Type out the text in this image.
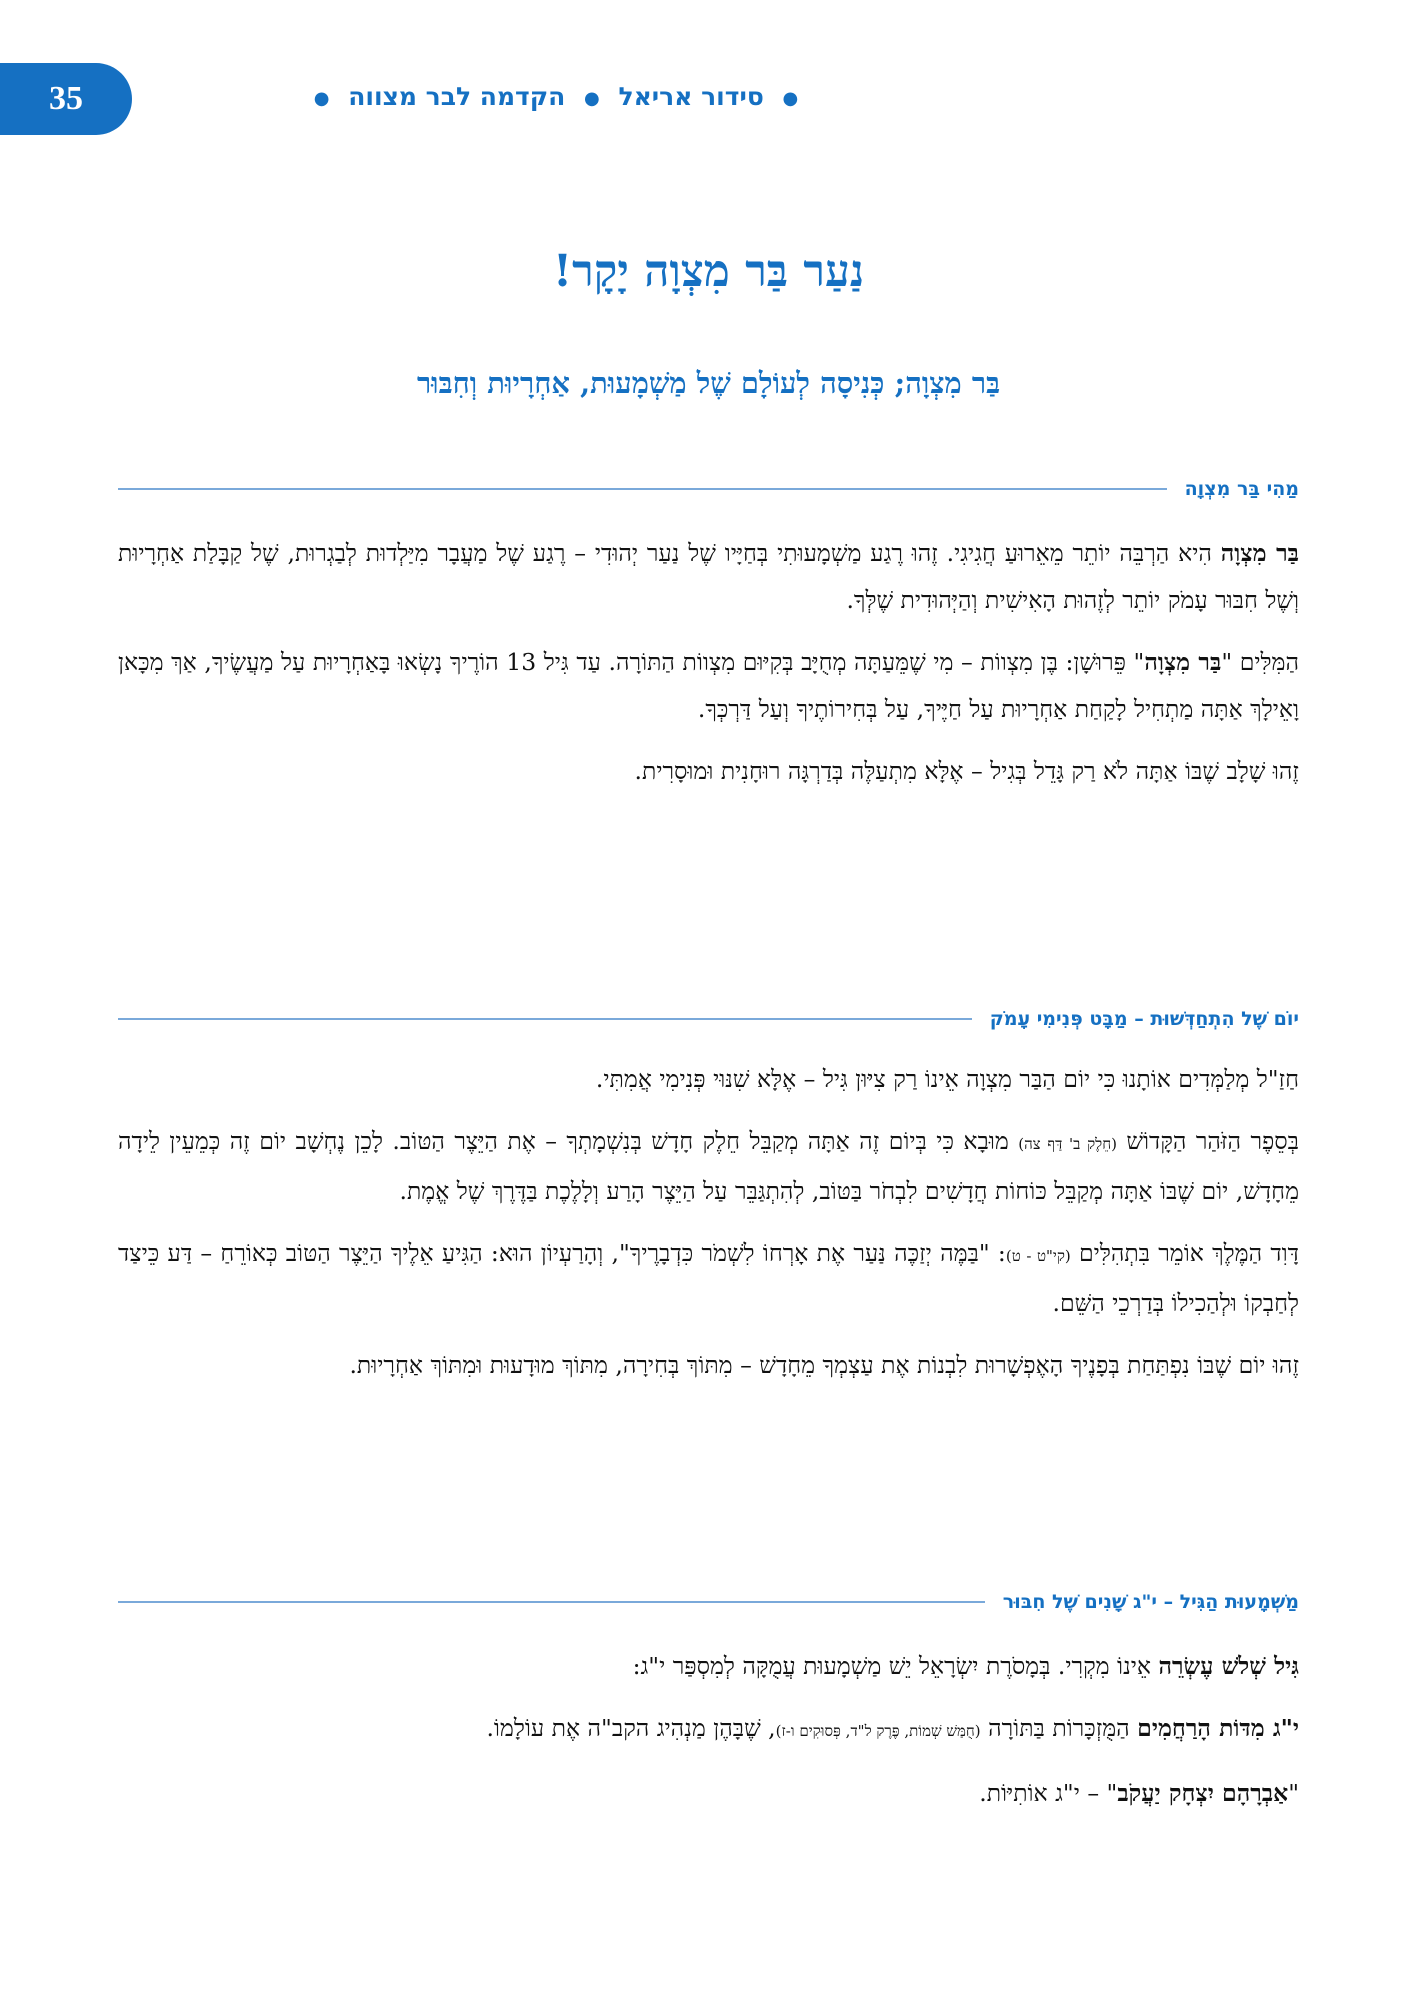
35	● סידור אריאל ● הקדמה לבר מצווה ●
נַעַר בַּר מִצְוָה יָקָר!
בַּר מִצְוָה; כְּנִיסָה לְעוֹלָם שֶׁל מַשְׁמָעוּת, אַחְרָיוּת וְחִבּוּר
מַהִי בַּר מִצְוָה

בַּר מִצְוָה הִיא הַרְבֵּה יוֹתֵר מֵאֵרוּעַ חֲגִיגִי. זֶהוּ רֶגַע מַשְׁמָעוּתִי בְּחַיָּיו שֶׁל נַעַר יְהוּדִי – רֶגַע שֶׁל מַעֲבָר מִיַּלְדוּת לְבַגְרוּת, שֶׁל קַבָּלַת אַחְרָיוּת וְשֶׁל חִבּוּר עָמֹק יוֹתֵר לְזֶהוּת הָאִישִׁית וְהַיְּהוּדִית שֶׁלְּךָ.

הַמִּלִּים "בַּר מִצְוָה" פֵּרוּשָׁן: בֶּן מִצְווֹת – מִי שֶׁמֵּעַתָּה מְחֻיָּב בְּקִיּוּם מִצְווֹת הַתּוֹרָה. עַד גִּיל 13 הוֹרֶיךָ נָשְׂאוּ בָּאַחְרָיוּת עַל מַעֲשֶׂיךָ, אַךְ מִכָּאן וָאֵילָךְ אַתָּה מַתְחִיל לָקַחַת אַחְרָיוּת עַל חַיֶּיךָ, עַל בְּחִירוֹתֶיךָ וְעַל דַּרְכְּךָ.

זֶהוּ שָׁלָב שֶׁבּוֹ אַתָּה לֹא רַק גָּדֵל בְּגִיל – אֶלָּא מִתְעַלֶּה בְּדַרְגָּה רוּחָנִית וּמוּסָרִית.

יוֹם שֶׁל הִתְחַדְּשׁוּת – מַבָּט פְּנִימִי עָמֹק

חַזַ"ל מְלַמְּדִים אוֹתָנוּ כִּי יוֹם הַבַּר מִצְוָה אֵינוֹ רַק צִיּוּן גִּיל – אֶלָּא שִׁנּוּי פְּנִימִי אֲמִתִּי.

בְּסֵפֶר הַזֹּהַר הַקָּדוֹשׁ (חֵלֶק ב' דַּף צה) מוּבָא כִּי בְּיוֹם זֶה אַתָּה מְקַבֵּל חֵלֶק חָדָשׁ בְּנִשְׁמָתְךָ – אֶת הַיֵּצֶר הַטּוֹב. לָכֵן נֶחְשָׁב יוֹם זֶה כְּמֵעֵין לֵידָה מֵחָדָשׁ, יוֹם שֶׁבּוֹ אַתָּה מְקַבֵּל כּוֹחוֹת חֲדָשִׁים לִבְחֹר בַּטּוֹב, לְהִתְגַּבֵּר עַל הַיֵּצֶר הָרַע וְלָלֶכֶת בַּדֶּרֶךְ שֶׁל אֱמֶת.

דָּוִד הַמֶּלֶךְ אוֹמֵר בִּתְהִלִּים (קי"ט - ט): "בַּמֶּה יְזַכֶּה נַּעַר אֶת אָרְחוֹ לִשְׁמֹר כִּדְבָרֶיךָ", וְהָרַעְיוֹן הוּא: הַגִּיעַ אֵלֶיךָ הַיֵּצֶר הַטּוֹב כְּאוֹרֵחַ – דַּע כֵּיצַד לְחַבְקוֹ וּלְהַכִילוֹ בְּדַרְכֵי הַשֵּׁם.

זֶהוּ יוֹם שֶׁבּוֹ נִפְתַּחַת בְּפָנֶיךָ הָאֶפְשָׁרוּת לִבְנוֹת אֶת עַצְמְךָ מֵחָדָשׁ – מִתּוֹךְ בְּחִירָה, מִתּוֹךְ מוּדָעוּת וּמִתּוֹךְ אַחְרָיוּת.

מַשְׁמָעוּת הַגִּיל – י"ג שָׁנִים שֶׁל חִבּוּר

גִּיל שְׁלֹשׁ עֶשְׂרֵה אֵינוֹ מִקְרִי. בְּמָסֹרֶת יִשְׂרָאֵל יֵשׁ מַשְׁמָעוּת עֲמֻקָּה לְמִסְפַּר י"ג:

י"ג מִדּוֹת הָרַחֲמִים הַמֻּזְכָּרוֹת בַּתּוֹרָה (חֻמַּשׁ שְׁמוֹת, פֶּרֶק ל"ד, פְּסוּקִים ו-ז), שֶׁבָּהֶן מַנְהִיג הקב"ה אֶת עוֹלָמוֹ.

"אַבְרָהָם יִצְחָק יַעֲקֹב" – י"ג אוֹתִיּוֹת.
